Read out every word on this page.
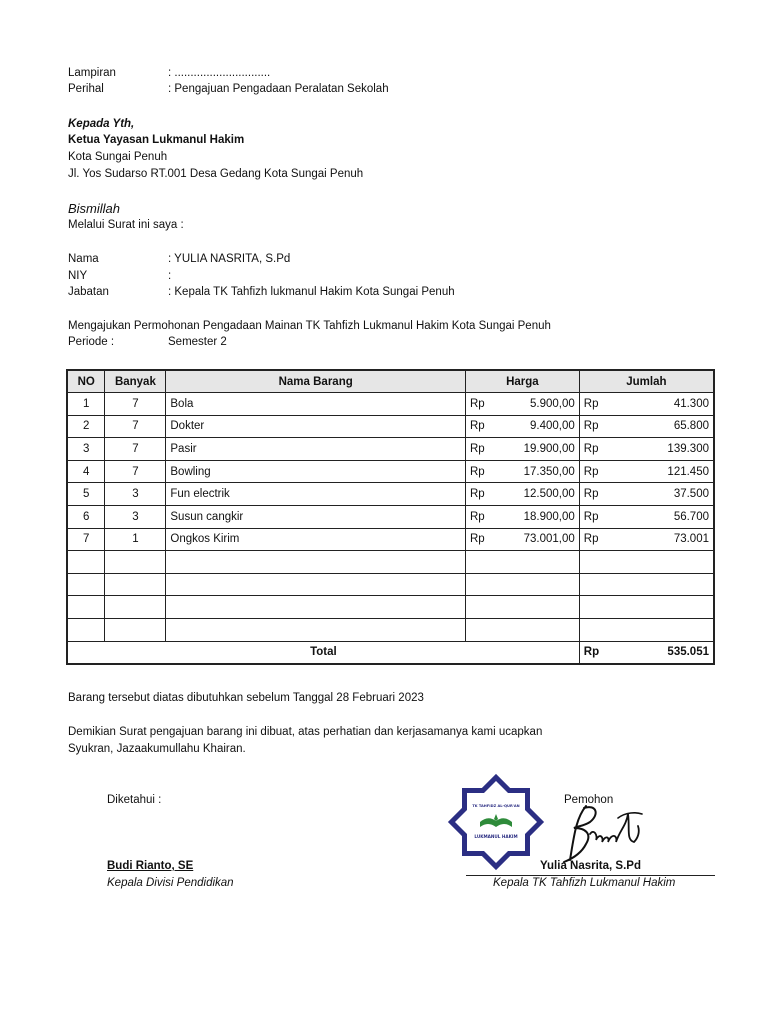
Lampiran	: ..............................
Perihal	: Pengajuan Pengadaan Peralatan Sekolah
Kepada Yth,
Ketua Yayasan Lukmanul Hakim
Kota Sungai Penuh
Jl. Yos Sudarso RT.001 Desa Gedang Kota Sungai Penuh
Bismillah
Melalui Surat ini saya :
Nama	: YULIA NASRITA, S.Pd
NIY	:
Jabatan	: Kepala TK Tahfizh lukmanul Hakim Kota Sungai Penuh
Mengajukan Permohonan Pengadaan Mainan TK Tahfizh Lukmanul Hakim Kota Sungai Penuh
Periode :	Semester 2
NO	Banyak	Nama Barang	Harga		Jumlah	
1	7	Bola	Rp	5.900,00	Rp	41.300
2	7	Dokter	Rp	9.400,00	Rp	65.800
3	7	Pasir	Rp	19.900,00	Rp	139.300
4	7	Bowling	Rp	17.350,00	Rp	121.450
5	3	Fun electrik	Rp	12.500,00	Rp	37.500
6	3	Susun cangkir	Rp	18.900,00	Rp	56.700
7	1	Ongkos Kirim	Rp	73.001,00	Rp	73.001

Total					Rp	535.051
Barang tersebut diatas dibutuhkan sebelum Tanggal 28 Februari 2023
Demikian Surat pengajuan barang ini dibuat, atas perhatian dan kerjasamanya kami ucapkan
Syukran, Jazaakumullahu Khairan.
Diketahui :
Budi Rianto, SE
Kepala Divisi Pendidikan
Pemohon
Yulia Nasrita, S.Pd
Kepala TK Tahfizh Lukmanul Hakim
TK TAHFIDZ AL-QUR'AN
LUKMANUL HAKIM
